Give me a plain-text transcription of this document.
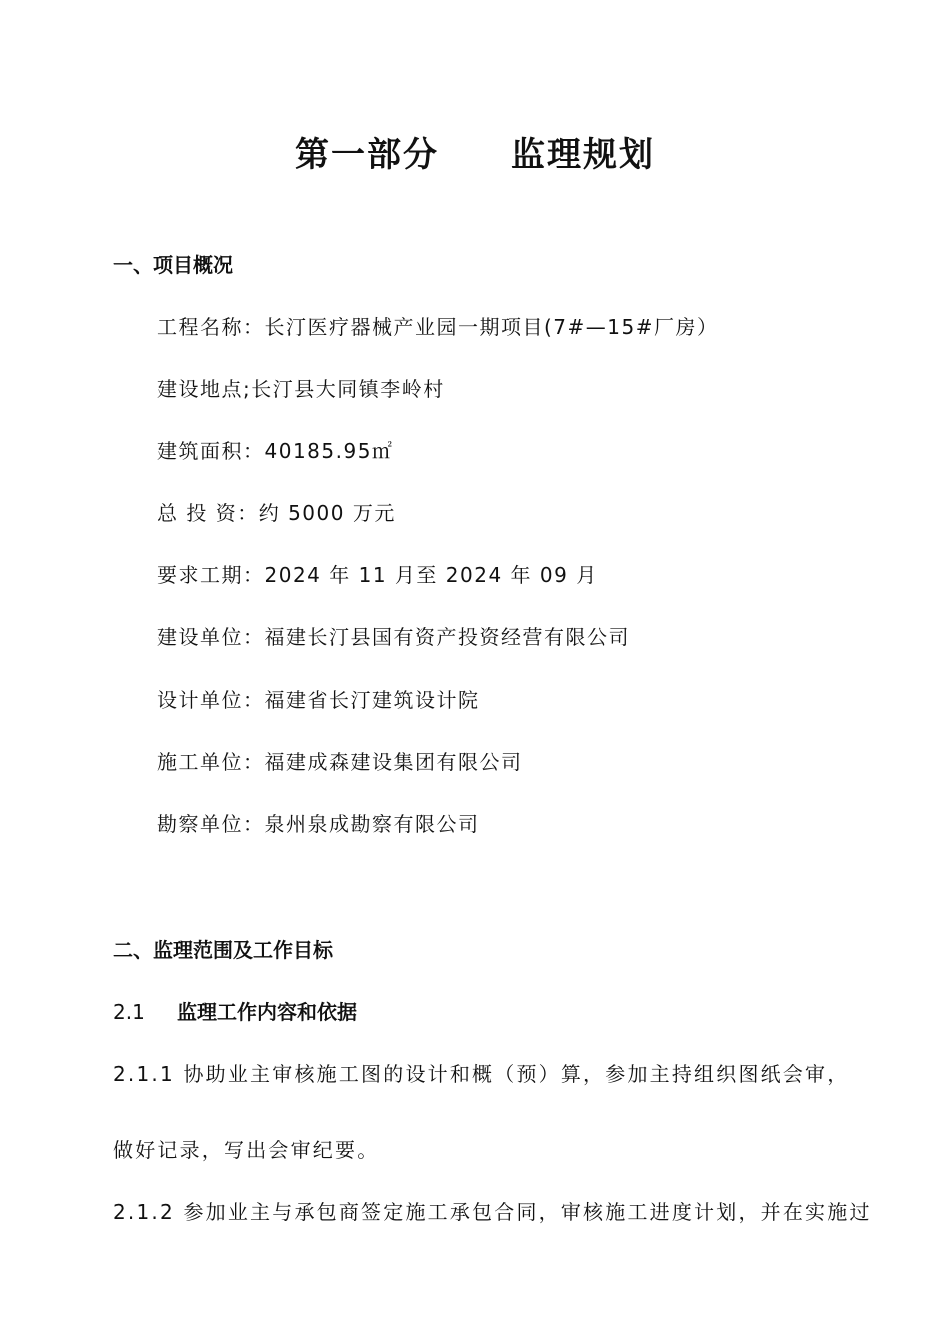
第一部分　　监理规划
一、项目概况
工程名称：长汀医疗器械产业园一期项目(7#—15#厂房）
建设地点;长汀县大同镇李岭村
建筑面积：40185.95㎡
总 投 资：约 5000 万元
要求工期：2024 年 11 月至 2024 年 09 月
建设单位：福建长汀县国有资产投资经营有限公司
设计单位：福建省长汀建筑设计院
施工单位：福建成森建设集团有限公司
勘察单位：泉州泉成勘察有限公司
二、监理范围及工作目标
2.1 监理工作内容和依据
2.1.1 协助业主审核施工图的设计和概（预）算，参加主持组织图纸会审，
做好记录，写出会审纪要。
2.1.2 参加业主与承包商签定施工承包合同，审核施工进度计划，并在实施过
